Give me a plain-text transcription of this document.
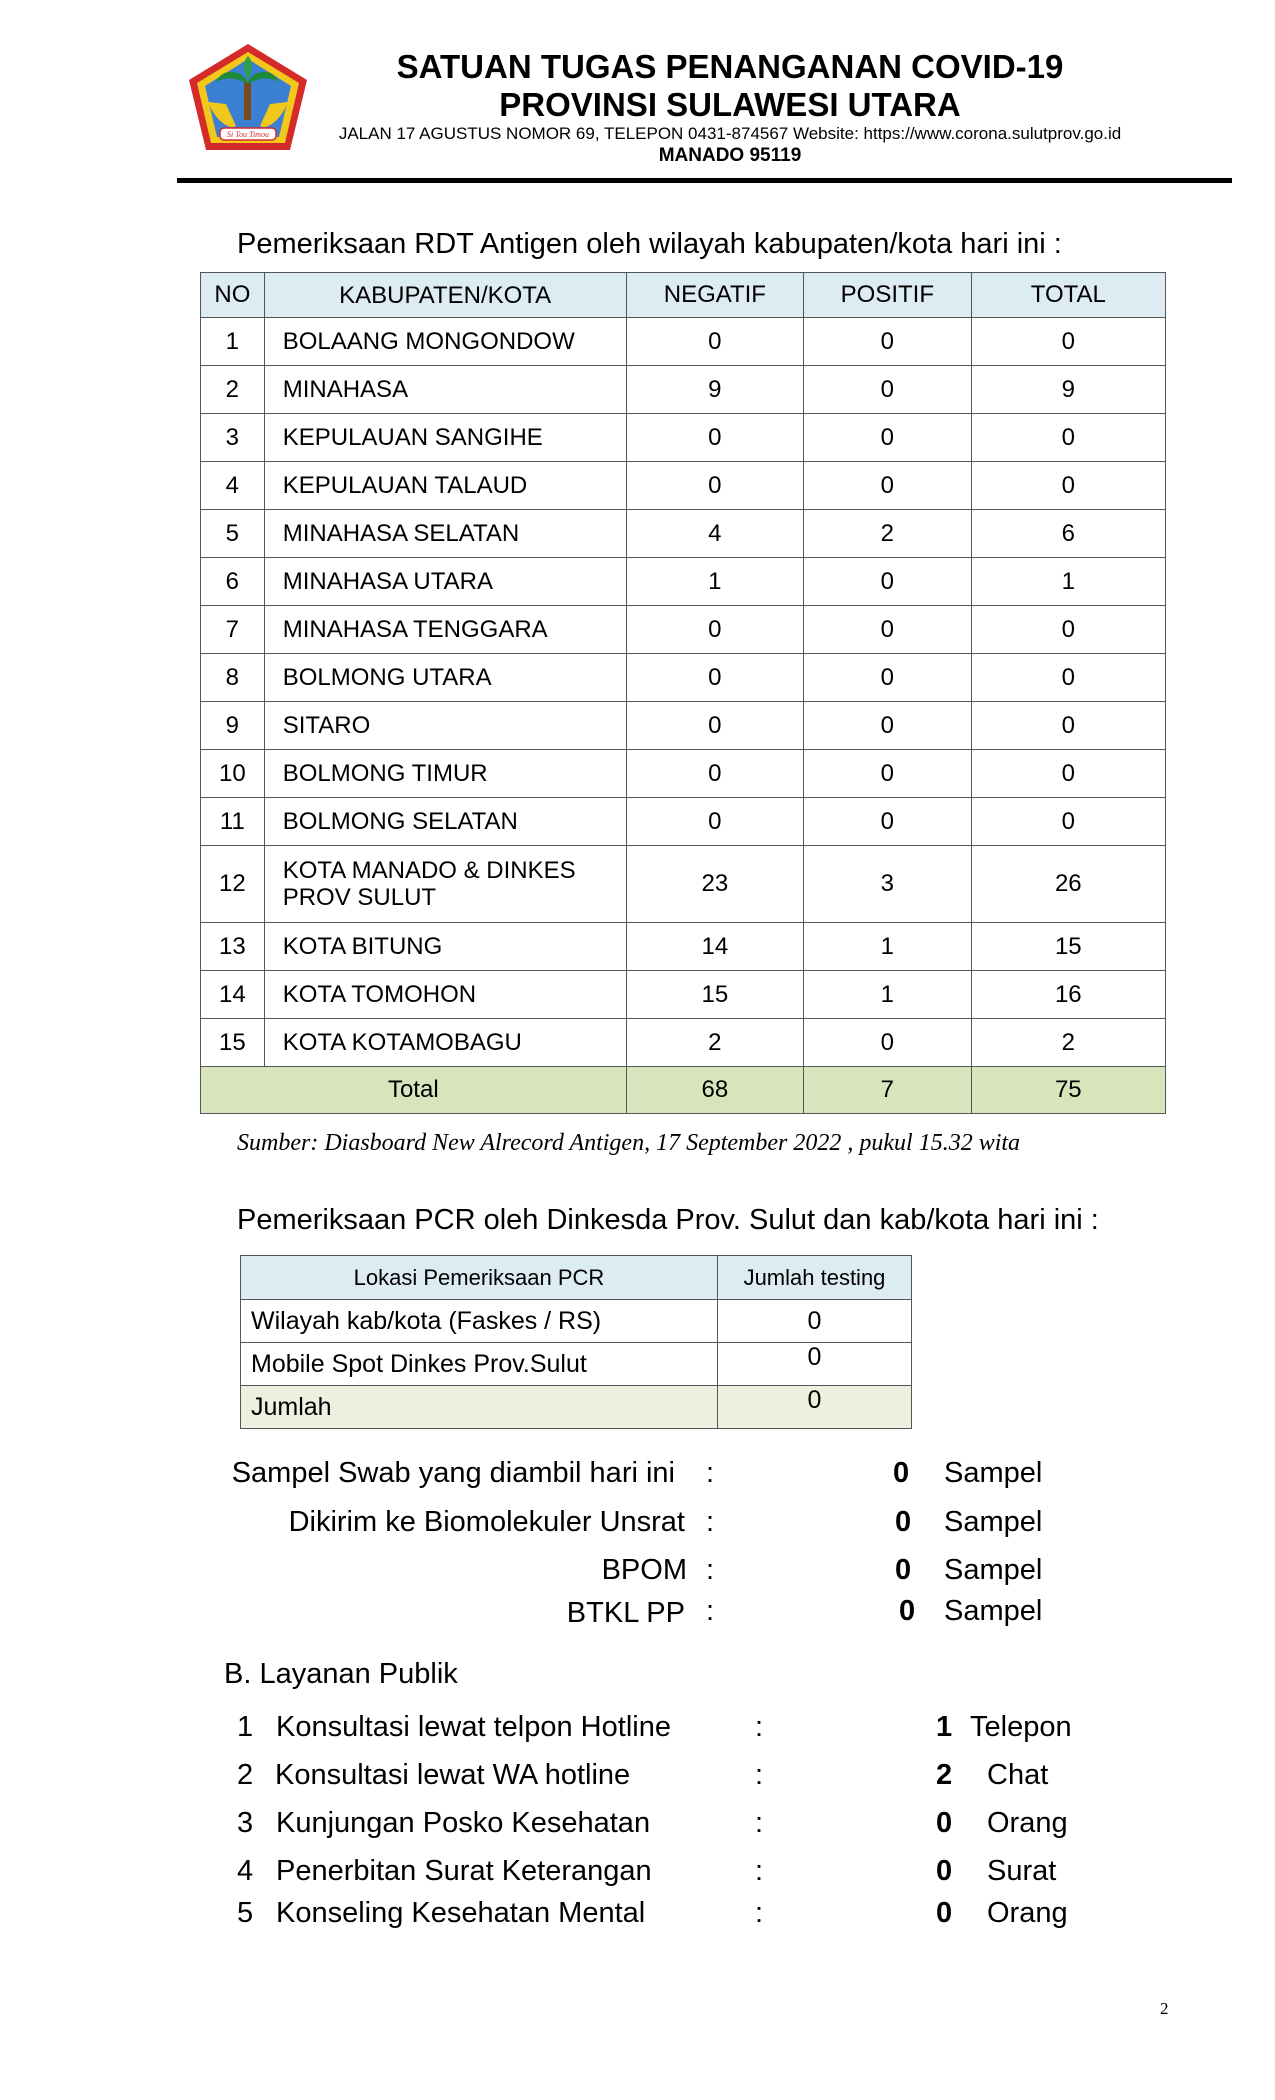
Si Tou Timou
SATUAN TUGAS PENANGANAN COVID-19
PROVINSI SULAWESI UTARA
JALAN 17 AGUSTUS NOMOR 69, TELEPON 0431-874567 Website: https://www.corona.sulutprov.go.id
MANADO 95119
Pemeriksaan RDT Antigen oleh wilayah kabupaten/kota hari ini :
NO	KABUPATEN/KOTA	NEGATIF	POSITIF	TOTAL
1	BOLAANG MONGONDOW	0	0	0
2	MINAHASA	9	0	9
3	KEPULAUAN SANGIHE	0	0	0
4	KEPULAUAN TALAUD	0	0	0
5	MINAHASA SELATAN	4	2	6
6	MINAHASA UTARA	1	0	1
7	MINAHASA TENGGARA	0	0	0
8	BOLMONG UTARA	0	0	0
9	SITARO	0	0	0
10	BOLMONG TIMUR	0	0	0
11	BOLMONG SELATAN	0	0	0
12	KOTA MANADO & DINKES PROV SULUT	23	3	26
13	KOTA BITUNG	14	1	15
14	KOTA TOMOHON	15	1	16
15	KOTA KOTAMOBAGU	2	0	2
Total		68	7	75
Sumber: Diasboard New Alrecord Antigen, 17 September 2022 , pukul 15.32 wita
Pemeriksaan PCR oleh Dinkesda Prov. Sulut dan kab/kota hari ini :
Lokasi Pemeriksaan PCR	Jumlah testing
Wilayah kab/kota (Faskes / RS)	0
Mobile Spot Dinkes Prov.Sulut	0
Jumlah	0
Sampel Swab yang diambil hari ini :	0 Sampel
Dikirim ke Biomolekuler Unsrat :	0 Sampel
BPOM :	0 Sampel
BTKL PP :	0 Sampel
B. Layanan Publik
1 Konsultasi lewat telpon Hotline	:	1 Telepon
2 Konsultasi lewat WA hotline	:	2 Chat
3 Kunjungan Posko Kesehatan	:	0 Orang
4 Penerbitan Surat Keterangan	:	0 Surat
5 Konseling Kesehatan Mental	:	0 Orang
2
